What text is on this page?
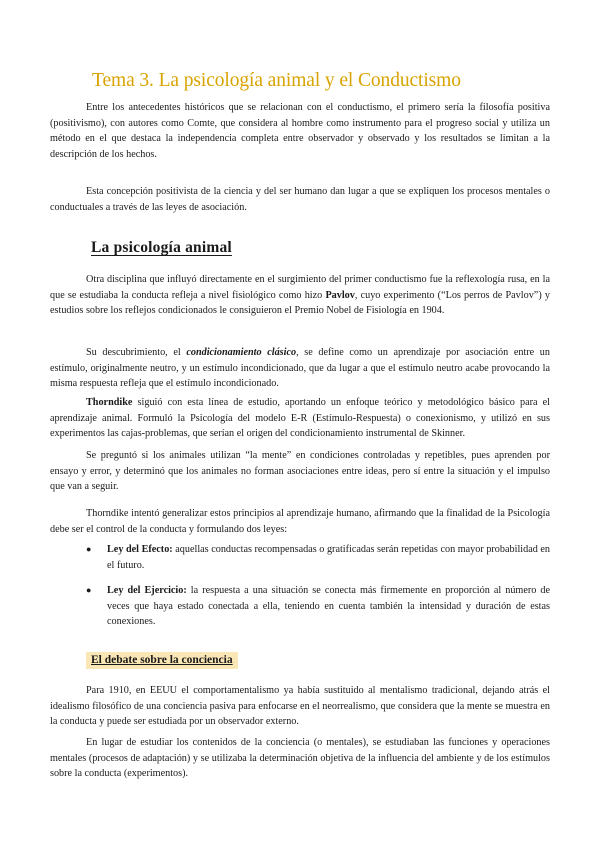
Tema 3. La psicología animal y el Conductismo

Entre los antecedentes históricos que se relacionan con el conductismo, el primero sería la filosofía positiva (positivismo), con autores como Comte, que considera al hombre como instrumento para el progreso social y utiliza un método en el que destaca la independencia completa entre observador y observado y los resultados se limitan a la descripción de los hechos.

Esta concepción positivista de la ciencia y del ser humano dan lugar a que se expliquen los procesos mentales o conductuales a través de las leyes de asociación.

La psicología animal

Otra disciplina que influyó directamente en el surgimiento del primer conductismo fue la reflexología rusa, en la que se estudiaba la conducta refleja a nivel fisiológico como hizo Pavlov, cuyo experimento (“Los perros de Pavlov”) y estudios sobre los reflejos condicionados le consiguieron el Premio Nobel de Fisiología en 1904.

Su descubrimiento, el condicionamiento clásico, se define como un aprendizaje por asociación entre un estímulo, originalmente neutro, y un estímulo incondicionado, que da lugar a que el estímulo neutro acabe provocando la misma respuesta refleja que el estímulo incondicionado.

Thorndike siguió con esta línea de estudio, aportando un enfoque teórico y metodológico básico para el aprendizaje animal. Formuló la Psicología del modelo E-R (Estímulo-Respuesta) o conexionismo, y utilizó en sus experimentos las cajas-problemas, que serían el origen del condicionamiento instrumental de Skinner.

Se preguntó si los animales utilizan “la mente” en condiciones controladas y repetibles, pues aprenden por ensayo y error, y determinó que los animales no forman asociaciones entre ideas, pero sí entre la situación y el impulso que van a seguir.

Thorndike intentó generalizar estos principios al aprendizaje humano, afirmando que la finalidad de la Psicología debe ser el control de la conducta y formulando dos leyes:

●	Ley del Efecto: aquellas conductas recompensadas o gratificadas serán repetidas con mayor probabilidad en el futuro.
●	Ley del Ejercicio: la respuesta a una situación se conecta más firmemente en proporción al número de veces que haya estado conectada a ella, teniendo en cuenta también la intensidad y duración de estas conexiones.
El debate sobre la conciencia

Para 1910, en EEUU el comportamentalismo ya había sustituido al mentalismo tradicional, dejando atrás el idealismo filosófico de una conciencia pasiva para enfocarse en el neorrealismo, que considera que la mente se muestra en la conducta y puede ser estudiada por un observador externo.

En lugar de estudiar los contenidos de la conciencia (o mentales), se estudiaban las funciones y operaciones mentales (procesos de adaptación) y se utilizaba la determinación objetiva de la influencia del ambiente y de los estímulos sobre la conducta (experimentos).
